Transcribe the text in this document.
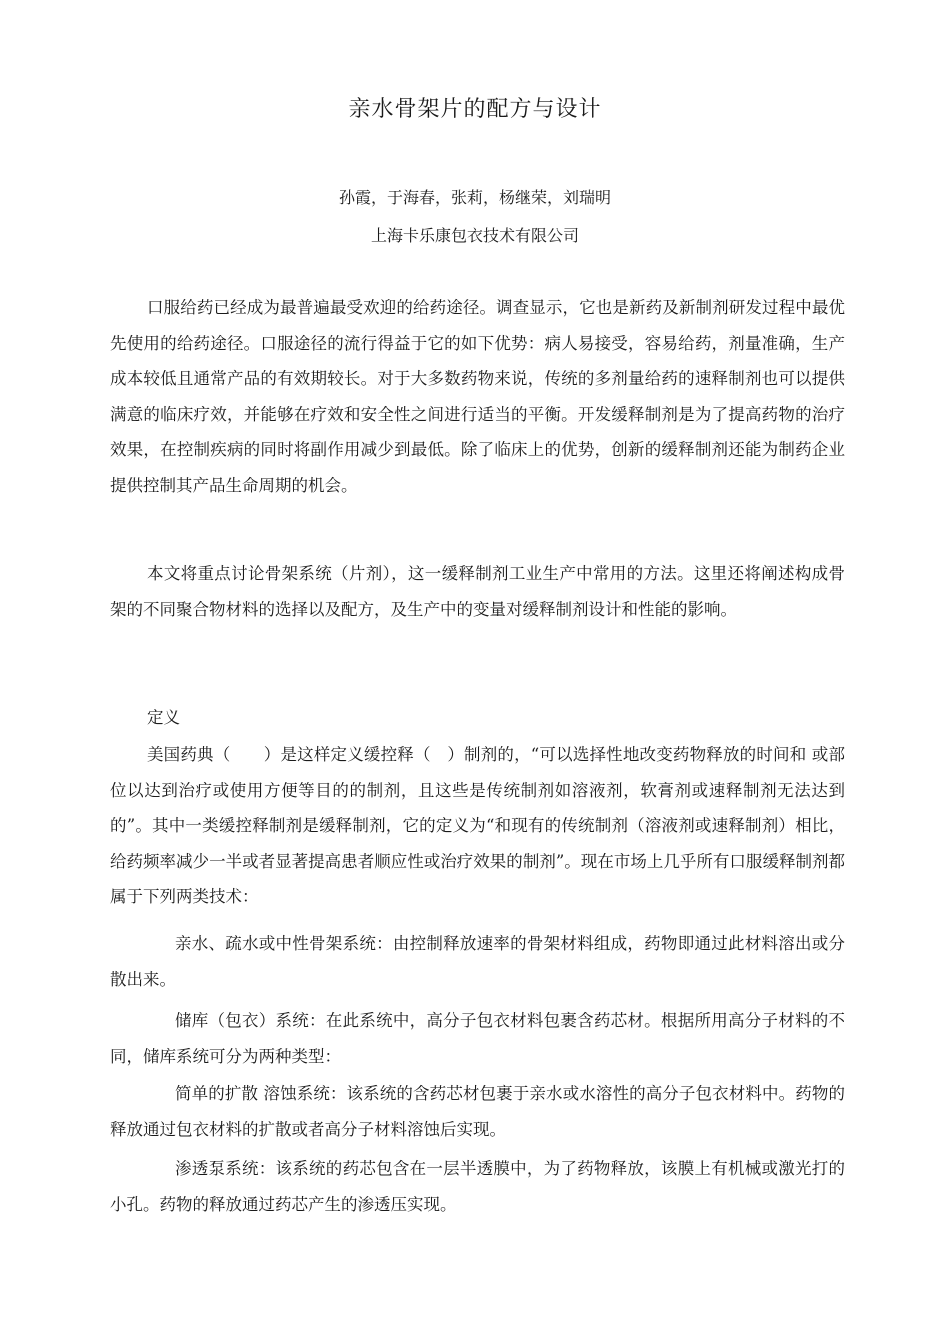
亲水骨架片的配方与设计
孙霞，于海春，张莉，杨继荣，刘瑞明
上海卡乐康包衣技术有限公司

口服给药已经成为最普遍最受欢迎的给药途径。调查显示，它也是新药及新制剂研发过程中最优先使用的给药途径。口服途径的流行得益于它的如下优势：病人易接受，容易给药，剂量准确，生产成本较低且通常产品的有效期较长。对于大多数药物来说，传统的多剂量给药的速释制剂也可以提供满意的临床疗效，并能够在疗效和安全性之间进行适当的平衡。开发缓释制剂是为了提高药物的治疗效果，在控制疾病的同时将副作用减少到最低。除了临床上的优势，创新的缓释制剂还能为制药企业提供控制其产品生命周期的机会。

本文将重点讨论骨架系统（片剂），这一缓释制剂工业生产中常用的方法。这里还将阐述构成骨架的不同聚合物材料的选择以及配方，及生产中的变量对缓释制剂设计和性能的影响。

定义

美国药典（　　）是这样定义缓控释（　）制剂的，“可以选择性地改变药物释放的时间和 或部位以达到治疗或使用方便等目的的制剂，且这些是传统制剂如溶液剂，软膏剂或速释制剂无法达到的”。其中一类缓控释制剂是缓释制剂，它的定义为“和现有的传统制剂（溶液剂或速释制剂）相比，给药频率减少一半或者显著提高患者顺应性或治疗效果的制剂”。现在市场上几乎所有口服缓释制剂都属于下列两类技术：

亲水、疏水或中性骨架系统：由控制释放速率的骨架材料组成，药物即通过此材料溶出或分散出来。

储库（包衣）系统：在此系统中，高分子包衣材料包裹含药芯材。根据所用高分子材料的不同，储库系统可分为两种类型：

简单的扩散 溶蚀系统：该系统的含药芯材包裹于亲水或水溶性的高分子包衣材料中。药物的释放通过包衣材料的扩散或者高分子材料溶蚀后实现。

渗透泵系统：该系统的药芯包含在一层半透膜中，为了药物释放，该膜上有机械或激光打的小孔。药物的释放通过药芯产生的渗透压实现。
